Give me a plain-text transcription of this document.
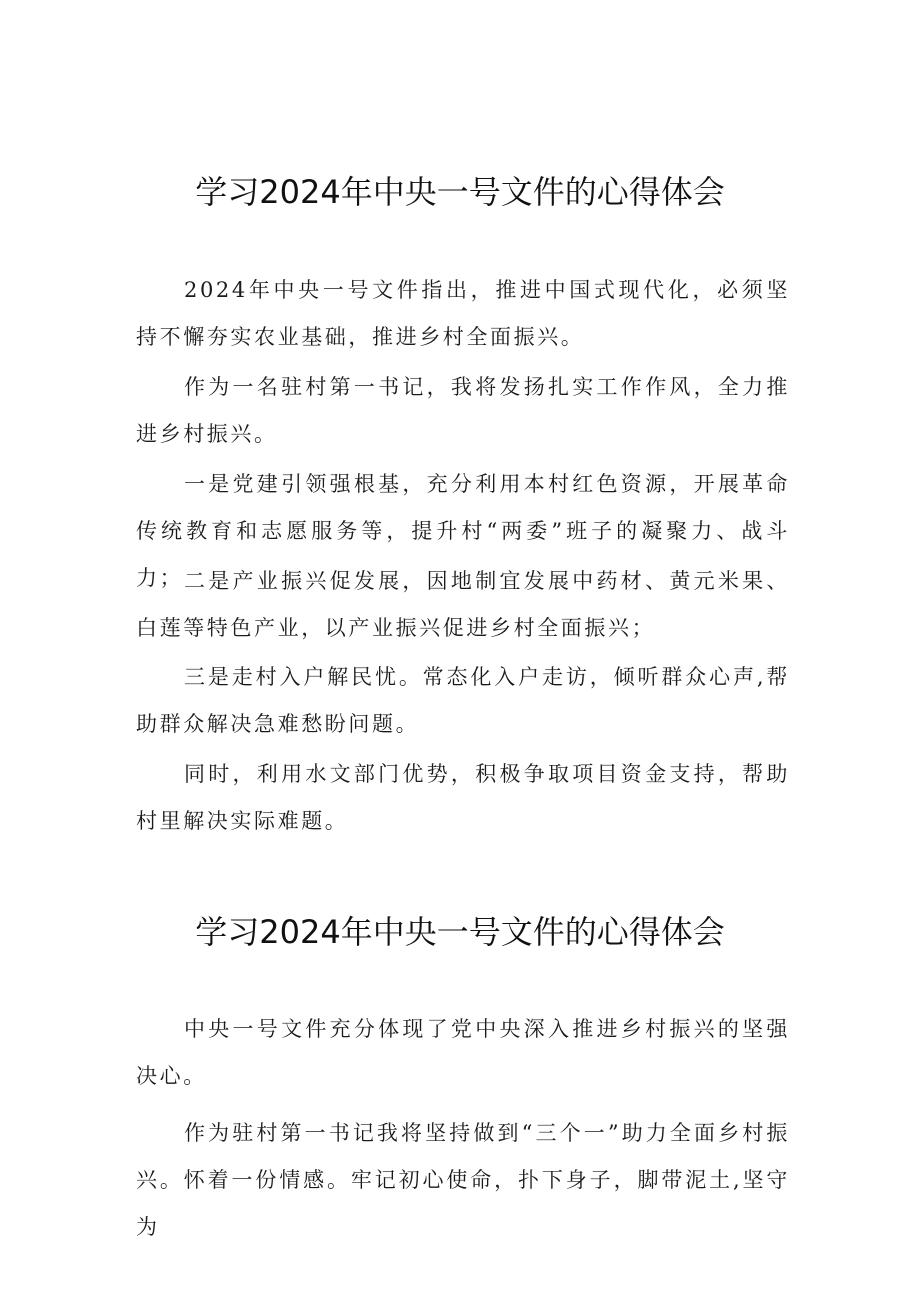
学习2024年中央一号文件的心得体会

2024年中央一号文件指出，推进中国式现代化，必须坚持不懈夯实农业基础，推进乡村全面振兴。

作为一名驻村第一书记，我将发扬扎实工作作风，全力推进乡村振兴。

一是党建引领强根基，充分利用本村红色资源，开展革命传统教育和志愿服务等，提升村“两委”班子的凝聚力、战斗力； 二是产业振兴促发展，因地制宜发展中药材、黄元米果、白莲等特色产业，以产业振兴促进乡村全面振兴；

三是走村入户解民忧。常态化入户走访，倾听群众心声,帮助群众解决急难愁盼问题。

同时，利用水文部门优势，积极争取项目资金支持，帮助村里解决实际难题。

学习2024年中央一号文件的心得体会

中央一号文件充分体现了党中央深入推进乡村振兴的坚强决心。

作为驻村第一书记我将坚持做到“三个一”助力全面乡村振兴。怀着一份情感。牢记初心使命，扑下身子，脚带泥土,坚守为
